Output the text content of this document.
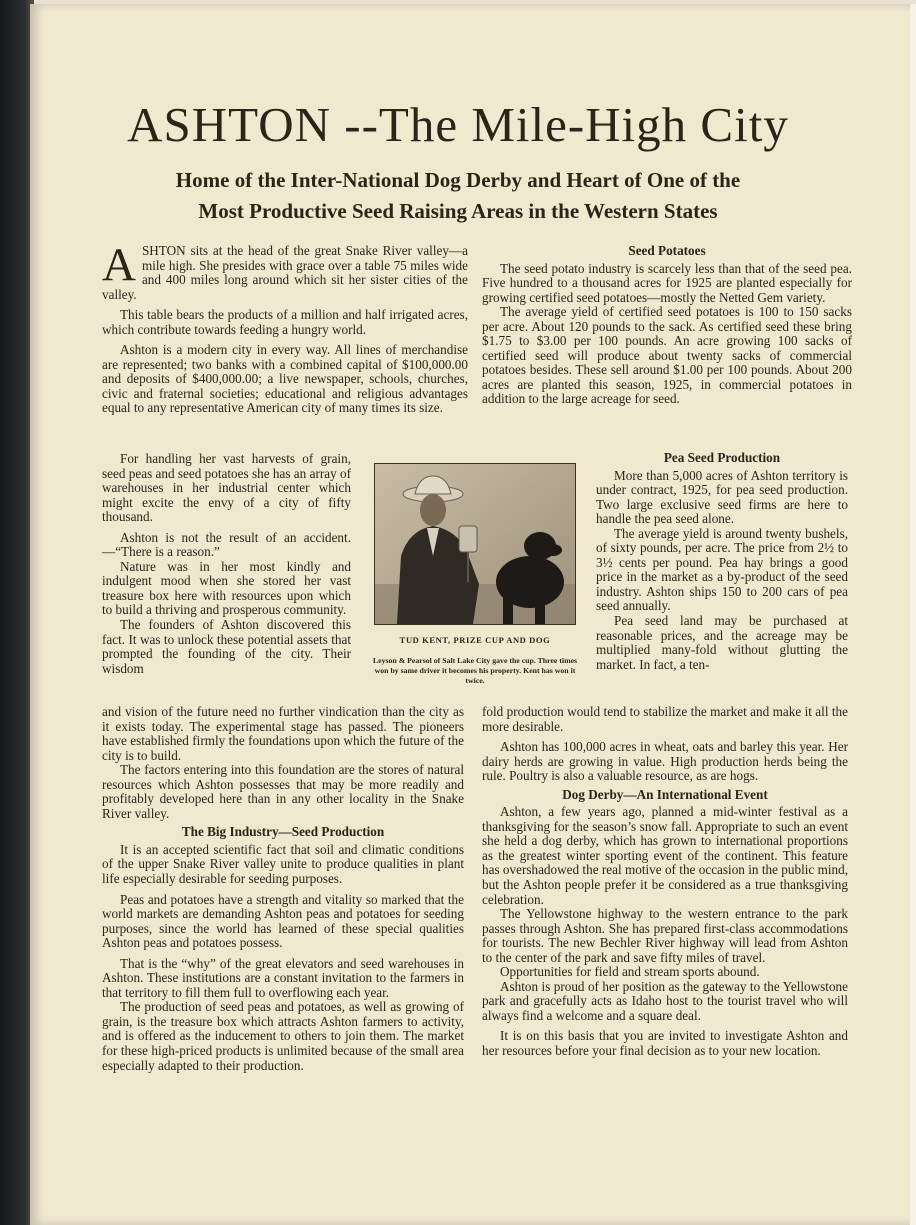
ASHTON --The Mile-High City
Home of the Inter-National Dog Derby and Heart of One of the
Most Productive Seed Raising Areas in the Western States

ASHTON sits at the head of the great Snake River valley—a mile high. She presides with grace over a table 75 miles wide and 400 miles long around which sit her sister cities of the valley.

This table bears the products of a million and half irrigated acres, which contribute towards feeding a hungry world.

Ashton is a modern city in every way. All lines of merchandise are represented; two banks with a combined capital of $100,000.00 and deposits of $400,000.00; a live newspaper, schools, churches, civic and fraternal societies; educational and religious advantages equal to any representative American city of many times its size.

For handling her vast harvests of grain, seed peas and seed potatoes she has an array of warehouses in her industrial center which might excite the envy of a city of fifty thousand.

Ashton is not the result of an accident.—“There is a reason.”

Nature was in her most kindly and indulgent mood when she stored her vast treasure box here with resources upon which to build a thriving and prosperous community.

The founders of Ashton discovered this fact. It was to unlock these potential assets that prompted the founding of the city. Their wisdom

and vision of the future need no further vindication than the city as it exists today. The experimental stage has passed. The pioneers have established firmly the foundations upon which the future of the city is to build.

The factors entering into this foundation are the stores of natural resources which Ashton possesses that may be more readily and profitably developed here than in any other locality in the Snake River valley.

The Big Industry—Seed Production

It is an accepted scientific fact that soil and climatic conditions of the upper Snake River valley unite to produce qualities in plant life especially desirable for seeding purposes.

Peas and potatoes have a strength and vitality so marked that the world markets are demanding Ashton peas and potatoes for seeding purposes, since the world has learned of these special qualities Ashton peas and potatoes possess.

That is the “why” of the great elevators and seed warehouses in Ashton. These institutions are a constant invitation to the farmers in that territory to fill them full to overflowing each year.

The production of seed peas and potatoes, as well as growing of grain, is the treasure box which attracts Ashton farmers to activity, and is offered as the inducement to others to join them. The market for these high-priced products is unlimited because of the small area especially adapted to their production.

TUD KENT, PRIZE CUP AND DOG
Leyson & Pearsol of Salt Lake City gave the cup. Three times won by same driver it becomes his property. Kent has won it twice.
Seed Potatoes

The seed potato industry is scarcely less than that of the seed pea. Five hundred to a thousand acres for 1925 are planted especially for growing certified seed potatoes—mostly the Netted Gem variety.

The average yield of certified seed potatoes is 100 to 150 sacks per acre. About 120 pounds to the sack. As certified seed these bring $1.75 to $3.00 per 100 pounds. An acre growing 100 sacks of certified seed will produce about twenty sacks of commercial potatoes besides. These sell around $1.00 per 100 pounds. About 200 acres are planted this season, 1925, in commercial potatoes in addition to the large acreage for seed.

Pea Seed Production

More than 5,000 acres of Ashton territory is under contract, 1925, for pea seed production. Two large exclusive seed firms are here to handle the pea seed alone.

The average yield is around twenty bushels, of sixty pounds, per acre. The price from 2½ to 3½ cents per pound. Pea hay brings a good price in the market as a by-product of the seed industry. Ashton ships 150 to 200 cars of pea seed annually.

Pea seed land may be purchased at reasonable prices, and the acreage may be multiplied many-fold without glutting the market. In fact, a ten-

fold production would tend to stabilize the market and make it all the more desirable.

Ashton has 100,000 acres in wheat, oats and barley this year. Her dairy herds are growing in value. High production herds being the rule. Poultry is also a valuable resource, as are hogs.

Dog Derby—An International Event

Ashton, a few years ago, planned a mid-winter festival as a thanksgiving for the season’s snow fall. Appropriate to such an event she held a dog derby, which has grown to international proportions as the greatest winter sporting event of the continent. This feature has overshadowed the real motive of the occasion in the public mind, but the Ashton people prefer it be considered as a true thanksgiving celebration.

The Yellowstone highway to the western entrance to the park passes through Ashton. She has prepared first-class accommodations for tourists. The new Bechler River highway will lead from Ashton to the center of the park and save fifty miles of travel.

Opportunities for field and stream sports abound.

Ashton is proud of her position as the gateway to the Yellowstone park and gracefully acts as Idaho host to the tourist travel who will always find a welcome and a square deal.

It is on this basis that you are invited to investigate Ashton and her resources before your final decision as to your new location.
